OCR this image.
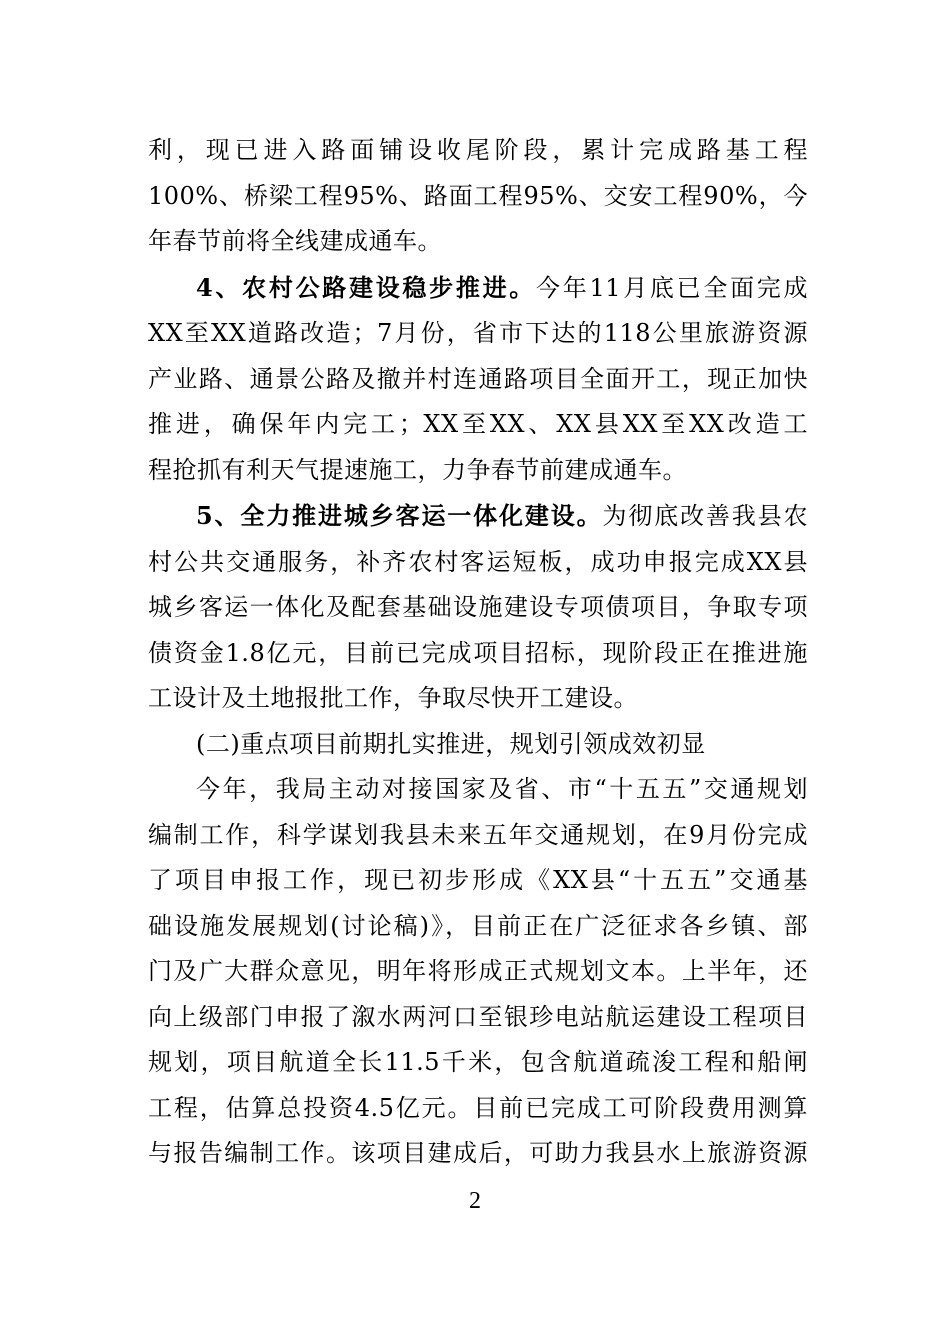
利，现已进入路面铺设收尾阶段，累计完成路基工程
100%、桥梁工程95%、路面工程95%、交安工程90%，今
年春节前将全线建成通车。

4、农村公路建设稳步推进。今年11月底已全面完成
XX至XX道路改造；7月份，省市下达的118公里旅游资源
产业路、通景公路及撤并村连通路项目全面开工，现正加快
推进，确保年内完工；XX至XX、XX县XX至XX改造工
程抢抓有利天气提速施工，力争春节前建成通车。

5、全力推进城乡客运一体化建设。为彻底改善我县农
村公共交通服务，补齐农村客运短板，成功申报完成XX县
城乡客运一体化及配套基础设施建设专项债项目，争取专项
债资金1.8亿元，目前已完成项目招标，现阶段正在推进施
工设计及土地报批工作，争取尽快开工建设。

(二)重点项目前期扎实推进，规划引领成效初显

今年，我局主动对接国家及省、市“十五五”交通规划
编制工作，科学谋划我县未来五年交通规划，在9月份完成
了项目申报工作，现已初步形成《XX县“十五五”交通基
础设施发展规划(讨论稿)》，目前正在广泛征求各乡镇、部
门及广大群众意见，明年将形成正式规划文本。上半年，还
向上级部门申报了溆水两河口至银珍电站航运建设工程项目
规划，项目航道全长11.5千米，包含航道疏浚工程和船闸
工程，估算总投资4.5亿元。目前已完成工可阶段费用测算
与报告编制工作。该项目建成后，可助力我县水上旅游资源

2
